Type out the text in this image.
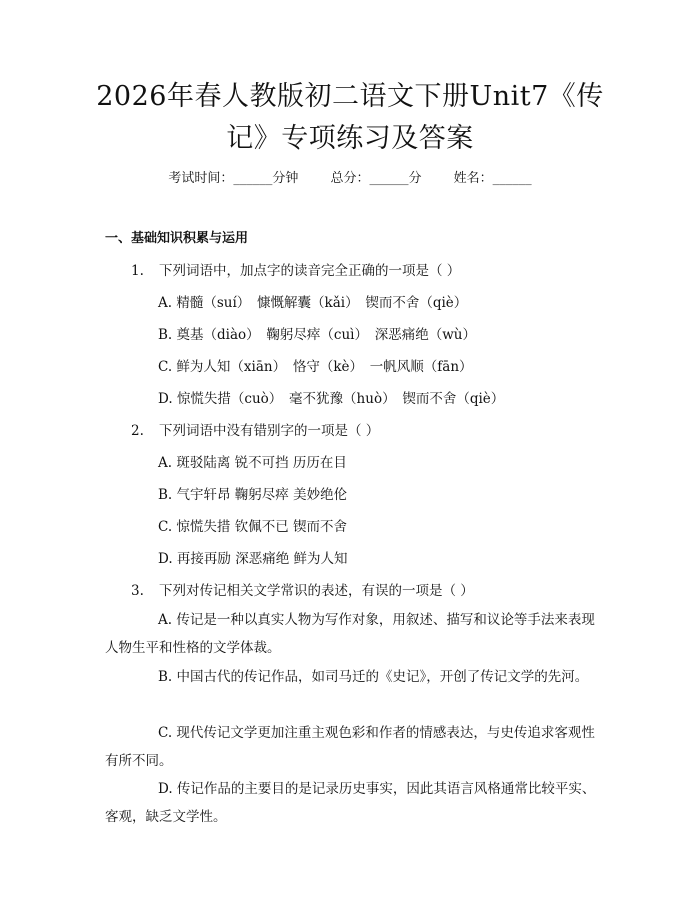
2026年春人教版初二语文下册Unit7《传记》专项练习及答案
考试时间：______分钟 总分：______分 姓名：______
一、基础知识积累与运用
1. 下列词语中，加点字的读音完全正确的一项是（ ）
A. 精髓（suí）　慷慨解囊（kǎi）　锲而不舍（qiè）
B. 奠基（diào）　鞠躬尽瘁（cuì）　深恶痛绝（wù）
C. 鲜为人知（xiān）　恪守（kè）　一帆风顺（fān）
D. 惊慌失措（cuò）　毫不犹豫（huò）　锲而不舍（qiè）
2. 下列词语中没有错别字的一项是（ ）
A. 斑驳陆离 锐不可挡 历历在目
B. 气宇轩昂 鞠躬尽瘁 美妙绝伦
C. 惊慌失措 钦佩不已 锲而不舍
D. 再接再励 深恶痛绝 鲜为人知
3. 下列对传记相关文学常识的表述，有误的一项是（ ）
A. 传记是一种以真实人物为写作对象，用叙述、描写和议论等手法来表现人物生平和性格的文学体裁。
B. 中国古代的传记作品，如司马迁的《史记》，开创了传记文学的先河。
C. 现代传记文学更加注重主观色彩和作者的情感表达，与史传追求客观性有所不同。
D. 传记作品的主要目的是记录历史事实，因此其语言风格通常比较平实、客观，缺乏文学性。
